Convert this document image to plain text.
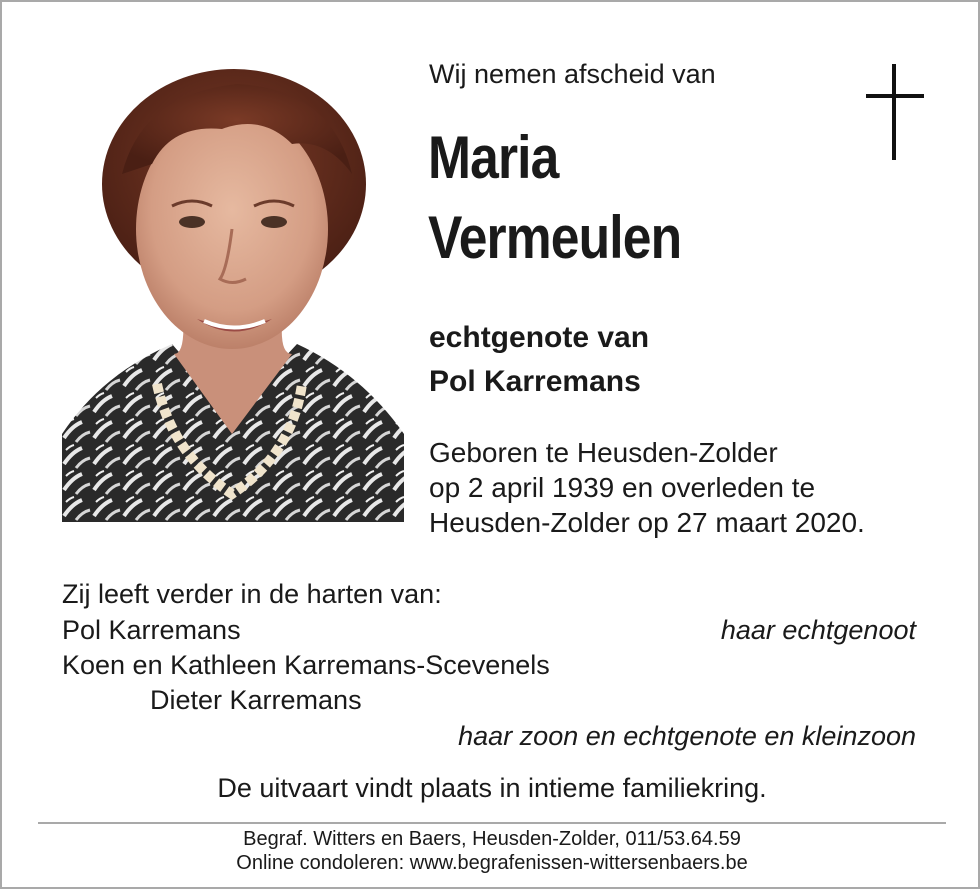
Wij nemen afscheid van
Maria
Vermeulen
echtgenote van
Pol Karremans
Geboren te Heusden-Zolder
op 2 april 1939 en overleden te
Heusden-Zolder op 27 maart 2020.
Zij leeft verder in de harten van:
Pol Karremans	haar echtgenoot
Koen en Kathleen Karremans-Scevenels
Dieter Karremans
haar zoon en echtgenote en kleinzoon
De uitvaart vindt plaats in intieme familiekring.
Begraf. Witters en Baers, Heusden-Zolder, 011/53.64.59
Online condoleren: www.begrafenissen-wittersenbaers.be
